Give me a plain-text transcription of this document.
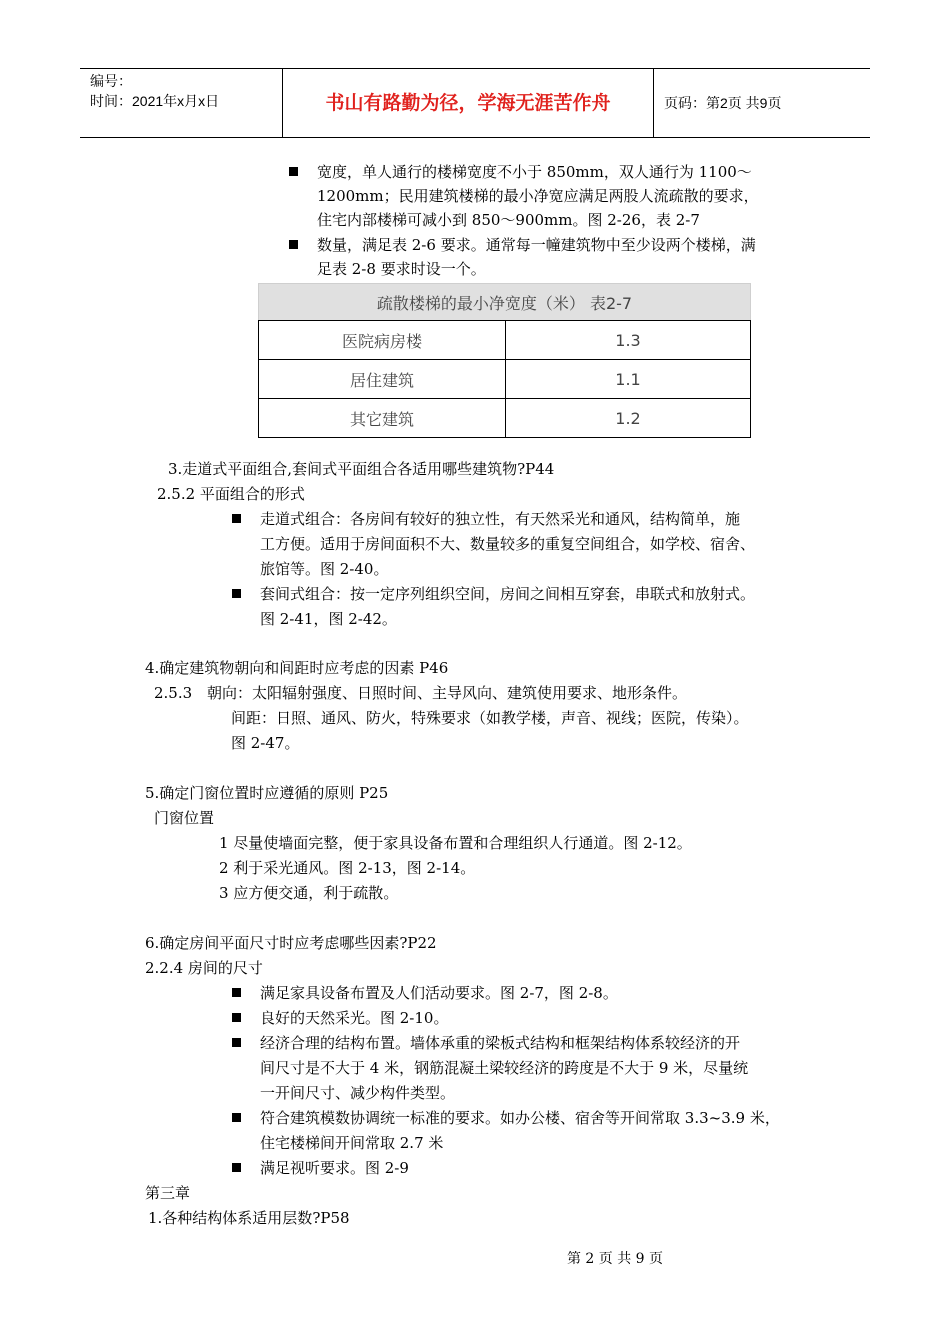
编号：
时间：2021年x月x日	书山有路勤为径，学海无涯苦作舟	页码：第2页 共9页
宽度，单人通行的楼梯宽度不小于 850mm，双人通行为 1100～
1200mm；民用建筑楼梯的最小净宽应满足两股人流疏散的要求，
住宅内部楼梯可减小到 850～900mm。图 2-26，表 2-7
数量，满足表 2-6 要求。通常每一幢建筑物中至少设两个楼梯，满
足表 2-8 要求时设一个。
疏散楼梯的最小净宽度（米） 表2-7	
医院病房楼	1.3
居住建筑	1.1
其它建筑	1.2
3.走道式平面组合,套间式平面组合各适用哪些建筑物?P44
2.5.2 平面组合的形式
走道式组合：各房间有较好的独立性，有天然采光和通风，结构简单，施
工方便。适用于房间面积不大、数量较多的重复空间组合，如学校、宿舍、
旅馆等。图 2-40。
套间式组合：按一定序列组织空间，房间之间相互穿套，串联式和放射式。
图 2-41，图 2-42。
4.确定建筑物朝向和间距时应考虑的因素 P46
2.5.3 朝向：太阳辐射强度、日照时间、主导风向、建筑使用要求、地形条件。
间距：日照、通风、防火，特殊要求（如教学楼，声音、视线；医院，传染）。
图 2-47。
5.确定门窗位置时应遵循的原则 P25
门窗位置
1 尽量使墙面完整，便于家具设备布置和合理组织人行通道。图 2-12。
2 利于采光通风。图 2-13，图 2-14。
3 应方便交通，利于疏散。
6.确定房间平面尺寸时应考虑哪些因素?P22
2.2.4 房间的尺寸
满足家具设备布置及人们活动要求。图 2-7，图 2-8。
良好的天然采光。图 2-10。
经济合理的结构布置。墙体承重的梁板式结构和框架结构体系较经济的开
间尺寸是不大于 4 米，钢筋混凝土梁较经济的跨度是不大于 9 米，尽量统
一开间尺寸、减少构件类型。
符合建筑模数协调统一标准的要求。如办公楼、宿舍等开间常取 3.3~3.9 米，
住宅楼梯间开间常取 2.7 米
满足视听要求。图 2-9
第三章
1.各种结构体系适用层数?P58
第 2 页 共 9 页
